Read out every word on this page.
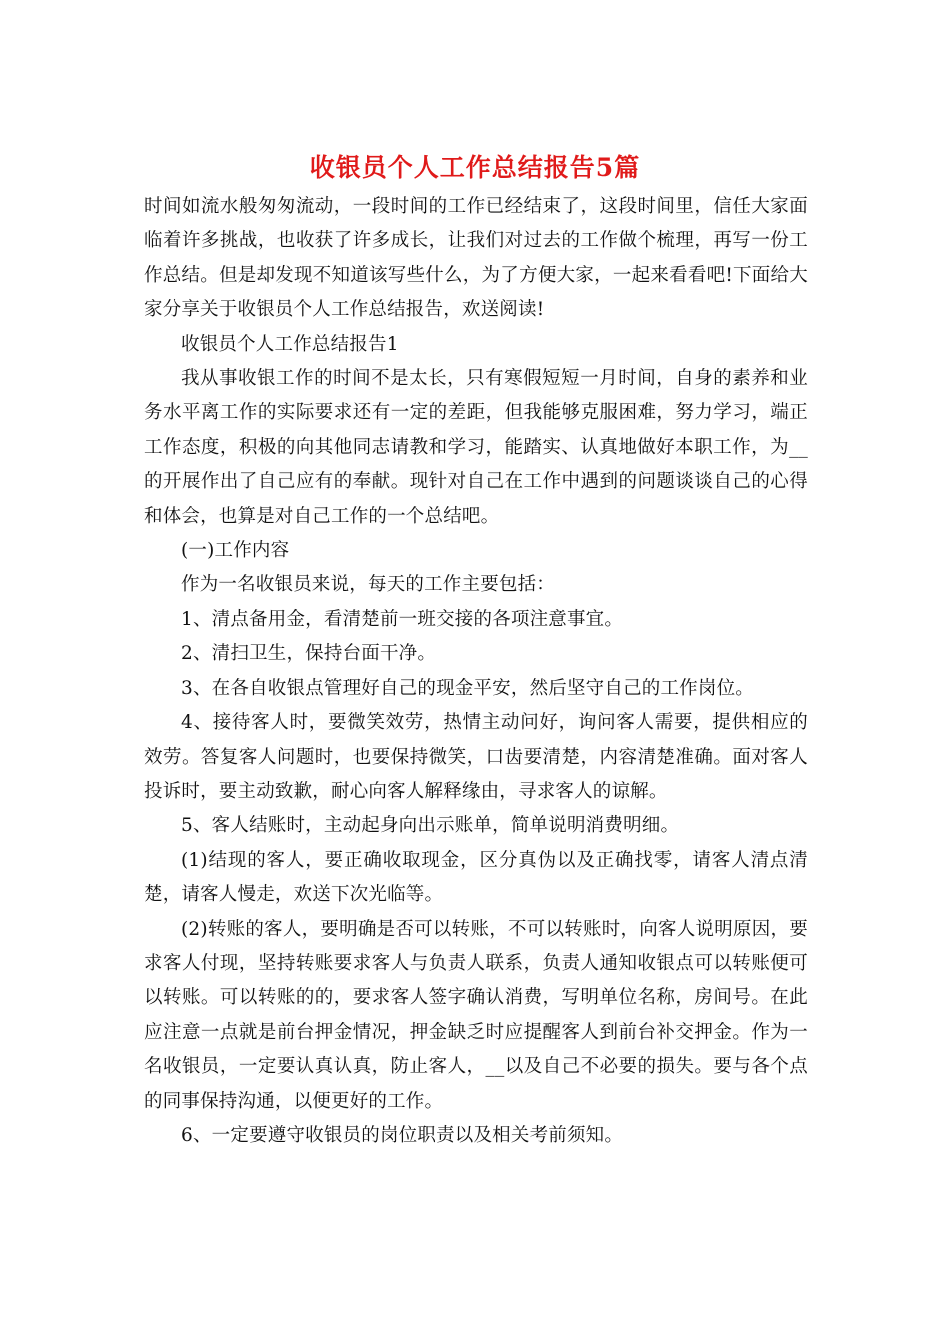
收银员个人工作总结报告5篇

时间如流水般匆匆流动，一段时间的工作已经结束了，这段时间里，信任大家面临着许多挑战，也收获了许多成长，让我们对过去的工作做个梳理，再写一份工作总结。但是却发现不知道该写些什么，为了方便大家，一起来看看吧!下面给大家分享关于收银员个人工作总结报告，欢送阅读!

收银员个人工作总结报告1

我从事收银工作的时间不是太长，只有寒假短短一月时间，自身的素养和业务水平离工作的实际要求还有一定的差距，但我能够克服困难，努力学习，端正工作态度，积极的向其他同志请教和学习，能踏实、认真地做好本职工作，为__的开展作出了自己应有的奉献。现针对自己在工作中遇到的问题谈谈自己的心得和体会，也算是对自己工作的一个总结吧。

(一)工作内容

作为一名收银员来说，每天的工作主要包括：

1、清点备用金，看清楚前一班交接的各项注意事宜。

2、清扫卫生，保持台面干净。

3、在各自收银点管理好自己的现金平安，然后坚守自己的工作岗位。

4、接待客人时，要微笑效劳，热情主动问好，询问客人需要，提供相应的效劳。答复客人问题时，也要保持微笑，口齿要清楚，内容清楚准确。面对客人投诉时，要主动致歉，耐心向客人解释缘由，寻求客人的谅解。

5、客人结账时，主动起身向出示账单，简单说明消费明细。

(1)结现的客人，要正确收取现金，区分真伪以及正确找零，请客人清点清楚，请客人慢走，欢送下次光临等。

(2)转账的客人，要明确是否可以转账，不可以转账时，向客人说明原因，要求客人付现，坚持转账要求客人与负责人联系，负责人通知收银点可以转账便可以转账。可以转账的的，要求客人签字确认消费，写明单位名称，房间号。在此应注意一点就是前台押金情况，押金缺乏时应提醒客人到前台补交押金。作为一名收银员，一定要认真认真，防止客人，__以及自己不必要的损失。要与各个点的同事保持沟通，以便更好的工作。

6、一定要遵守收银员的岗位职责以及相关考前须知。
